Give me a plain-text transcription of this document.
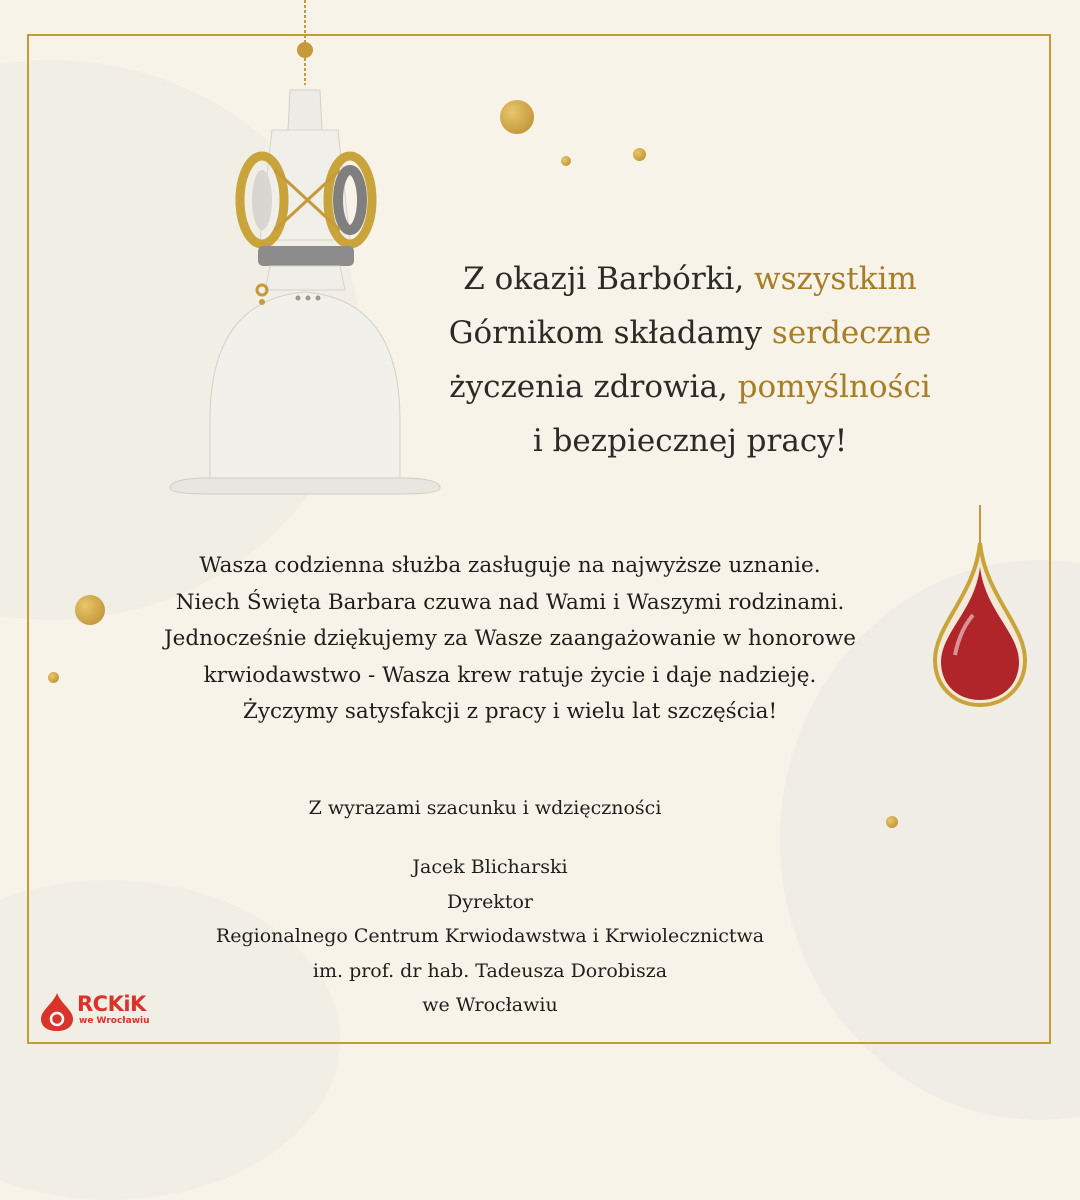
Z okazji Barbórki, wszystkim
Górnikom składamy serdeczne
życzenia zdrowia, pomyślności
i bezpiecznej pracy!
Wasza codzienna służba zasługuje na najwyższe uznanie.
Niech Święta Barbara czuwa nad Wami i Waszymi rodzinami.
Jednocześnie dziękujemy za Wasze zaangażowanie w honorowe
krwiodawstwo - Wasza krew ratuje życie i daje nadzieję.
Życzymy satysfakcji z pracy i wielu lat szczęścia!
Z wyrazami szacunku i wdzięczności
Jacek Blicharski
Dyrektor
Regionalnego Centrum Krwiodawstwa i Krwiolecznictwa
im. prof. dr hab. Tadeusza Dorobisza
we Wrocławiu
RCKiK
we Wrocławiu
